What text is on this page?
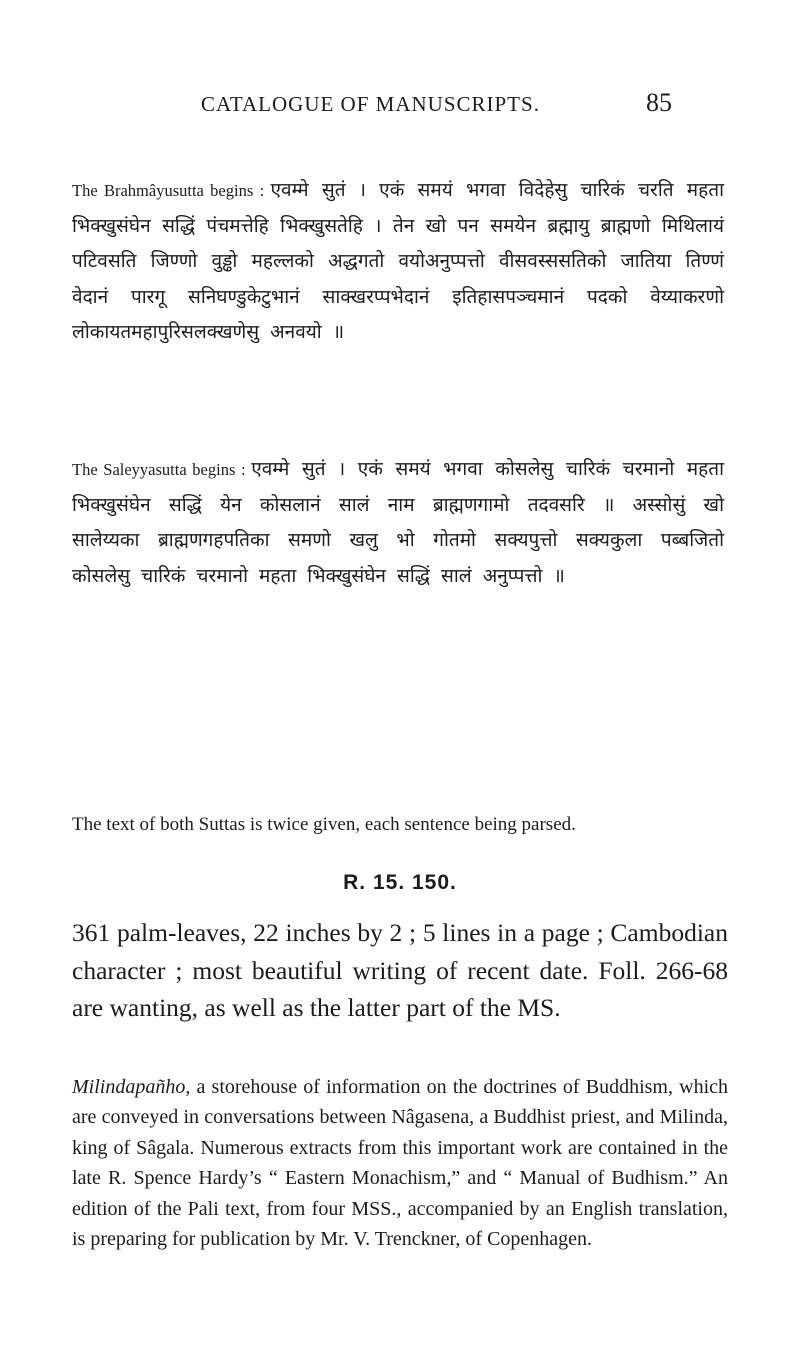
CATALOGUE OF MANUSCRIPTS.	85

The Brahmâyusutta begins : एवम्मे सुतं । एकं समयं भगवा विदेहेसु चारिकं चरति महता भिक्खुसंघेन सद्धिं पंचमत्तेहि भिक्खुसतेहि । तेन खो पन समयेन ब्रह्मायु ब्राह्मणो मिथिलायं पटिवसति जिण्णो वुड्ढो महल्लको अद्धगतो वयोअनुप्पत्तो वीसवस्ससतिको जातिया तिण्णं वेदानं पारगू सनिघण्डुकेटुभानं साक्खरप्पभेदानं इतिहासपञ्चमानं पदको वेय्याकरणो लोकायतमहापुरिसलक्खणेसु अनवयो ॥

The Saleyyasutta begins : एवम्मे सुतं । एकं समयं भगवा कोसलेसु चारिकं चरमानो महता भिक्खुसंघेन सद्धिं येन कोसलानं सालं नाम ब्राह्मणगामो तदवसरि ॥ अस्सोसुं खो सालेय्यका ब्राह्मणगहपतिका समणो खलु भो गोतमो सक्यपुत्तो सक्यकुला पब्बजितो कोसलेसु चारिकं चरमानो महता भिक्खुसंघेन सद्धिं सालं अनुप्पत्तो ॥

The text of both Suttas is twice given, each sentence being parsed.
R. 15. 150.

361 palm-leaves, 22 inches by 2 ; 5 lines in a page ; Cambodian character ; most beautiful writing of recent date. Foll. 266-68 are wanting, as well as the latter part of the MS.

Milindapañho, a storehouse of information on the doctrines of Buddhism, which are conveyed in conversations between Nâgasena, a Buddhist priest, and Milinda, king of Sâgala. Numerous extracts from this important work are contained in the late R. Spence Hardy’s “ Eastern Monachism,” and “ Manual of Budhism.” An edition of the Pali text, from four MSS., accompanied by an English translation, is preparing for publication by Mr. V. Trenckner, of Copenhagen.
